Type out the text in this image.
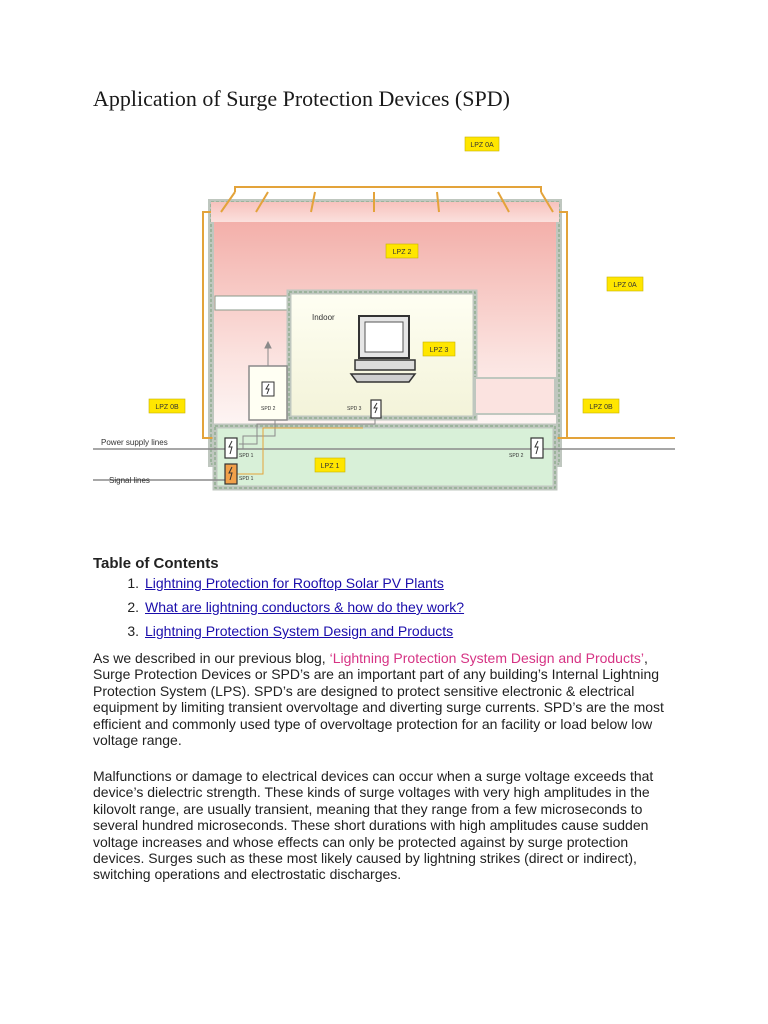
Application of Surge Protection Devices (SPD)
LPZ 0A
LPZ 2
LPZ 0A
LPZ 3
LPZ 0B	LPZ 0B
LPZ 1
Indoor
Power supply lines
Signal lines
SPD 1
SPD 1
SPD 2	SPD 3
SPD 2
Table of Contents
1. Lightning Protection for Rooftop Solar PV Plants
2. What are lightning conductors & how do they work?
3. Lightning Protection System Design and Products

As we described in our previous blog, ‘Lightning Protection System Design and Products’, Surge Protection Devices or SPD’s are an important part of any building’s Internal Lightning Protection System (LPS). SPD’s are designed to protect sensitive electronic & electrical equipment by limiting transient overvoltage and diverting surge currents. SPD’s are the most efficient and commonly used type of overvoltage protection for an facility or load below low voltage range.

Malfunctions or damage to electrical devices can occur when a surge voltage exceeds that device’s dielectric strength. These kinds of surge voltages with very high amplitudes in the kilovolt range, are usually transient, meaning that they range from a few microseconds to several hundred microseconds. These short durations with high amplitudes cause sudden voltage increases and whose effects can only be protected against by surge protection devices. Surges such as these most likely caused by lightning strikes (direct or indirect), switching operations and electrostatic discharges.
